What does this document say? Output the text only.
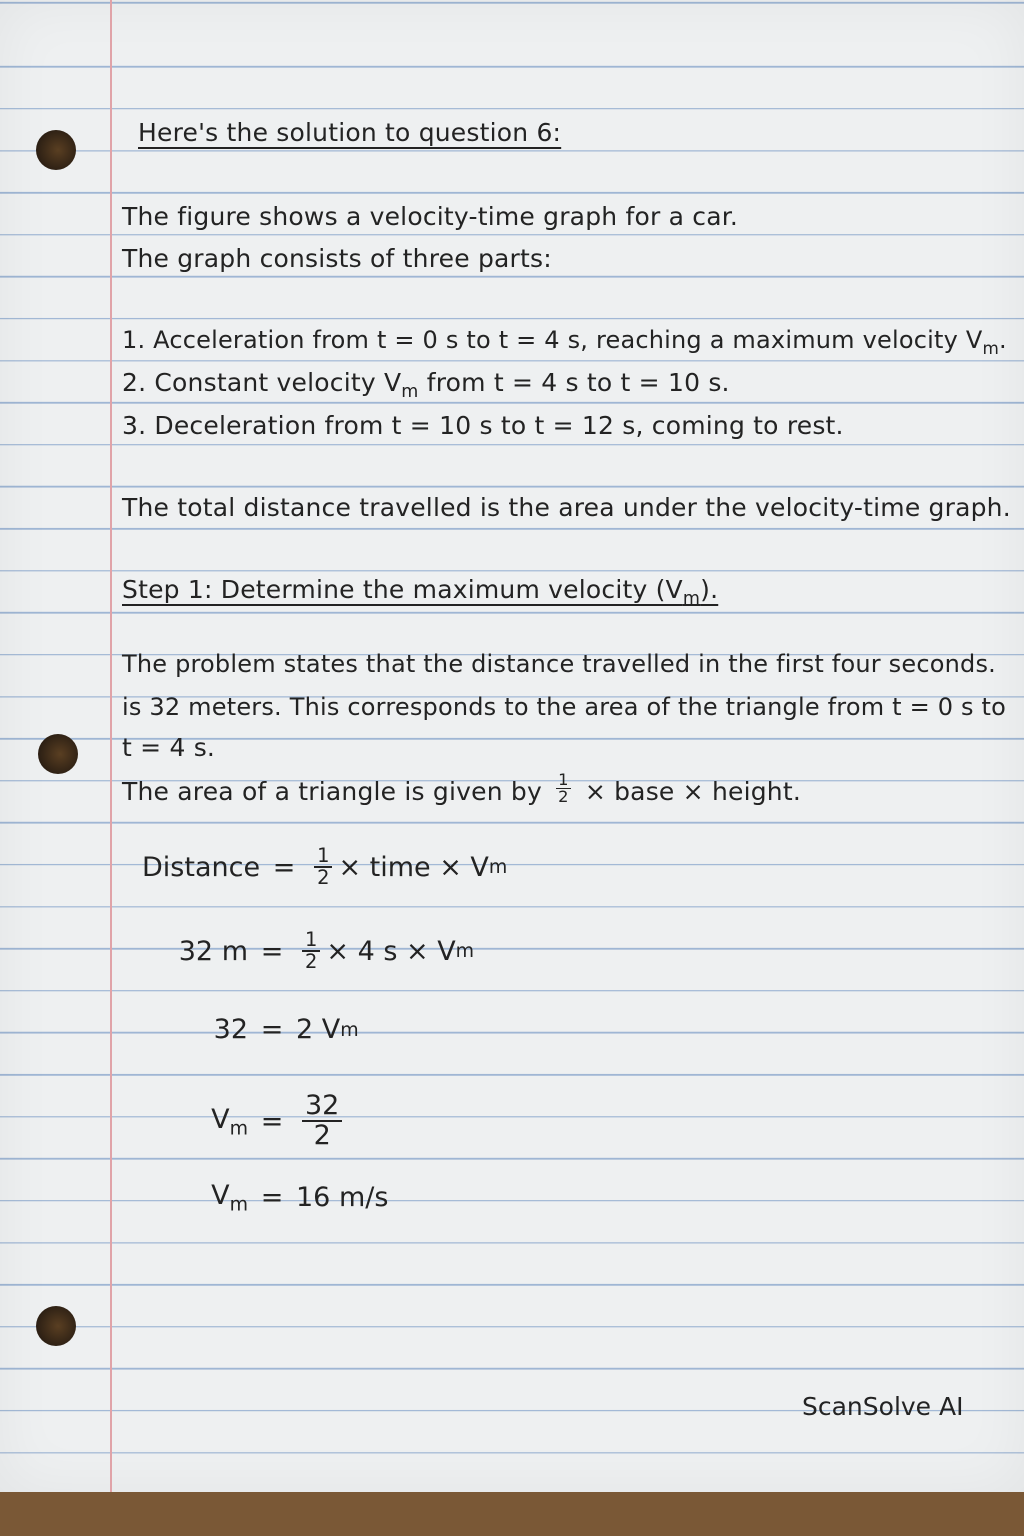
Here's the solution to question 6:
The figure shows a velocity-time graph for a car.
The graph consists of three parts:
1. Acceleration from t = 0 s to t = 4 s, reaching a maximum velocity $V_m$.
2. Constant velocity $V_m$ from t = 4 s to t = 10 s.
3. Deceleration from t = 10 s to t = 12 s, coming to rest.
The total distance travelled is the area under the velocity-time graph.
Step 1: Determine the maximum velocity $(V_m)$.
The problem states that the distance travelled in the first four seconds.
is 32 meters. This corresponds to the area of the triangle from t = 0 s to
t = 4 s.
The area of a triangle is given by $\frac{1}{2}$ × base × height.
Distance = $\frac{1}{2}$ × time × V m
32 $m = \frac{1}{2} \times 4$ s × V m
32 = 2 V m
$V_m = \frac{32}{2}$
$V_m = 16$ m/s
ScanSolve AI
